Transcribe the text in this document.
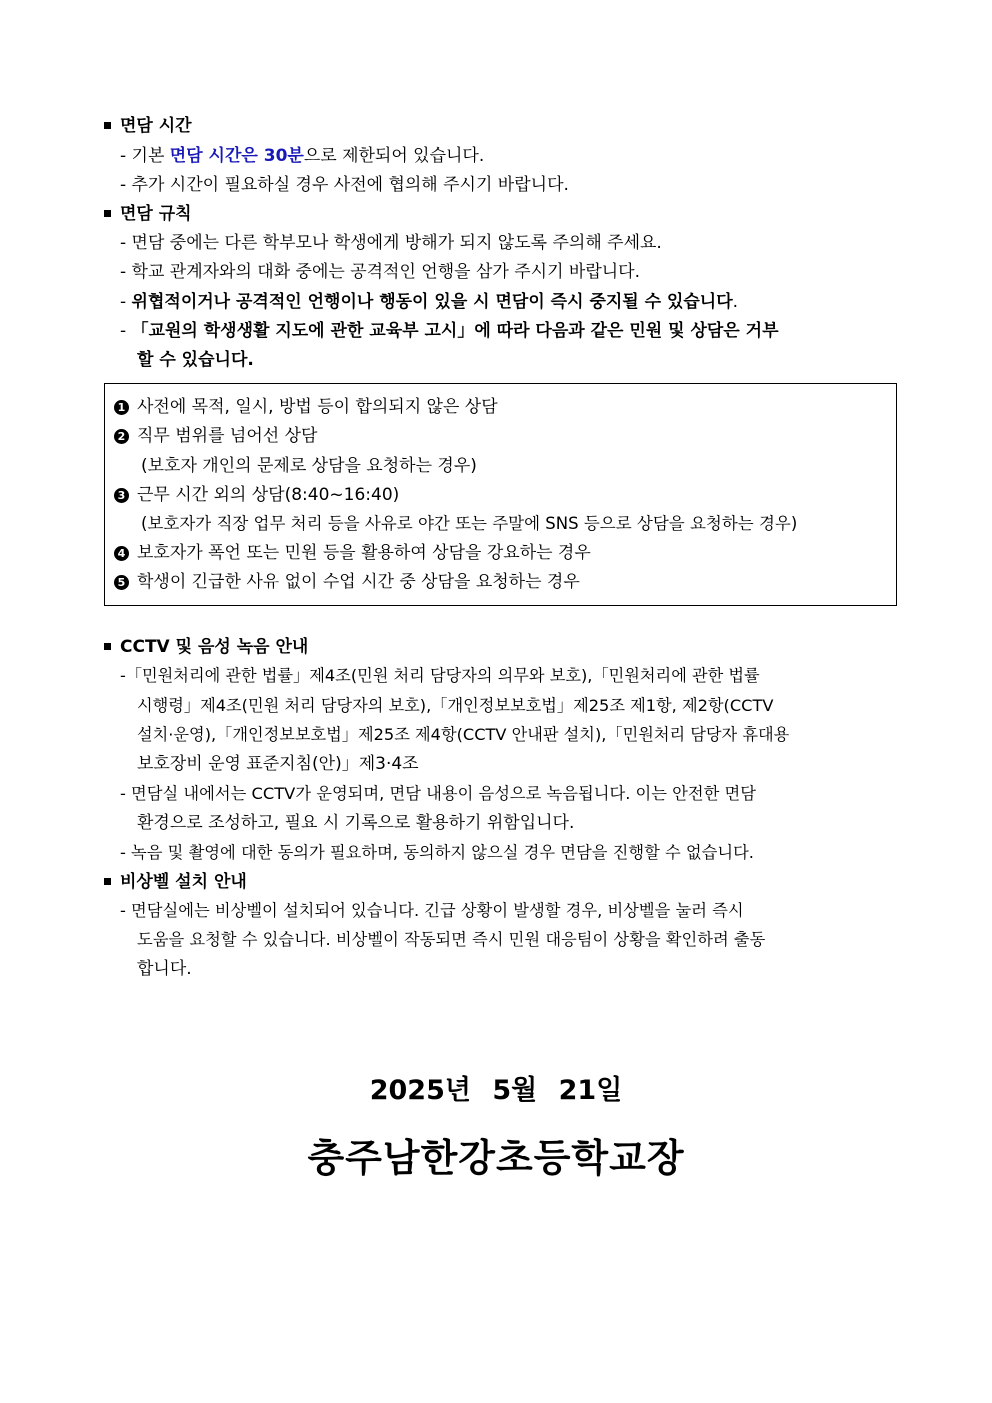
면담 시간
- 기본 면담 시간은 30분으로 제한되어 있습니다.
- 추가 시간이 필요하실 경우 사전에 협의해 주시기 바랍니다.
면담 규칙
- 면담 중에는 다른 학부모나 학생에게 방해가 되지 않도록 주의해 주세요.
- 학교 관계자와의 대화 중에는 공격적인 언행을 삼가 주시기 바랍니다.
- 위협적이거나 공격적인 언행이나 행동이 있을 시 면담이 즉시 중지될 수 있습니다.
- 「교원의 학생생활 지도에 관한 교육부 고시」에 따라 다음과 같은 민원 및 상담은 거부
할 수 있습니다.
1 사전에 목적, 일시, 방법 등이 합의되지 않은 상담
2 직무 범위를 넘어선 상담
(보호자 개인의 문제로 상담을 요청하는 경우)
3 근무 시간 외의 상담(8:40~16:40)
(보호자가 직장 업무 처리 등을 사유로 야간 또는 주말에 SNS 등으로 상담을 요청하는 경우)
4 보호자가 폭언 또는 민원 등을 활용하여 상담을 강요하는 경우
5 학생이 긴급한 사유 없이 수업 시간 중 상담을 요청하는 경우
CCTV 및 음성 녹음 안내
-「민원처리에 관한 법률」제4조(민원 처리 담당자의 의무와 보호),「민원처리에 관한 법률
시행령」제4조(민원 처리 담당자의 보호),「개인정보보호법」제25조 제1항, 제2항(CCTV
설치·운영),「개인정보보호법」제25조 제4항(CCTV 안내판 설치),「민원처리 담당자 휴대용
보호장비 운영 표준지침(안)」제3·4조
- 면담실 내에서는 CCTV가 운영되며, 면담 내용이 음성으로 녹음됩니다. 이는 안전한 면담
환경으로 조성하고, 필요 시 기록으로 활용하기 위함입니다.
- 녹음 및 촬영에 대한 동의가 필요하며, 동의하지 않으실 경우 면담을 진행할 수 없습니다.
비상벨 설치 안내
- 면담실에는 비상벨이 설치되어 있습니다. 긴급 상황이 발생할 경우, 비상벨을 눌러 즉시
도움을 요청할 수 있습니다. 비상벨이 작동되면 즉시 민원 대응팀이 상황을 확인하려 출동
합니다.
2025년 5월 21일
충주남한강초등학교장
